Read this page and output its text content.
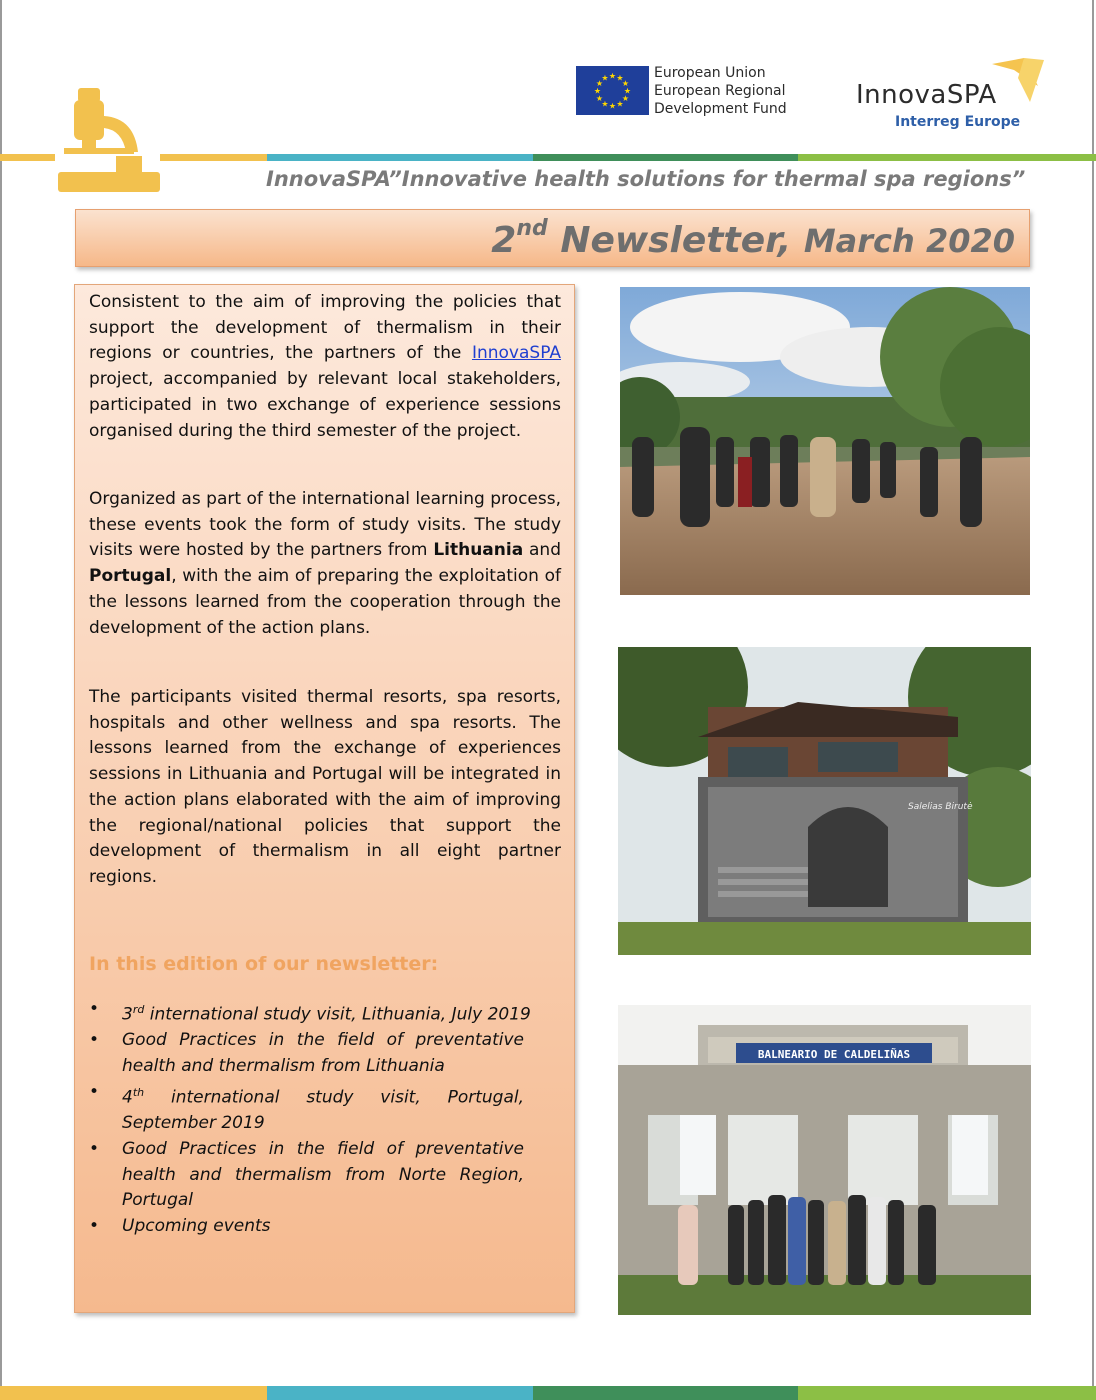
★ ★
★
★
★
★
★
★
★
★
★
★	European Union
European Regional
Development Fund	InnovaSPA
Interreg Europe
InnovaSPA”Innovative health solutions for thermal spa regions”
2nd Newsletter, March 2020
Consistent to the aim of improving the policies that support the development of thermalism in their regions or countries, the partners of the InnovaSPA project, accompanied by relevant local stakeholders, participated in two exchange of experience sessions organised during the third semester of the project.
Organized as part of the international learning process, these events took the form of study visits. The study visits were hosted by the partners from Lithuania and Portugal, with the aim of preparing the exploitation of the lessons learned from the cooperation through the development of the action plans.
The participants visited thermal resorts, spa resorts, hospitals and other wellness and spa resorts. The lessons learned from the exchange of experiences sessions in Lithuania and Portugal will be integrated in the action plans elaborated with the aim of improving the regional/national policies that support the development of thermalism in all eight partner regions.
In this edition of our newsletter:
• 3rd international study visit, Lithuania, July 2019
• Good Practices in the field of preventative health and thermalism from Lithuania
• 4th international study visit, Portugal, September 2019
• Good Practices in the field of preventative health and thermalism from Norte Region, Portugal
• Upcoming events
Salelias Birutė
BALNEARIO DE CALDELIÑAS
